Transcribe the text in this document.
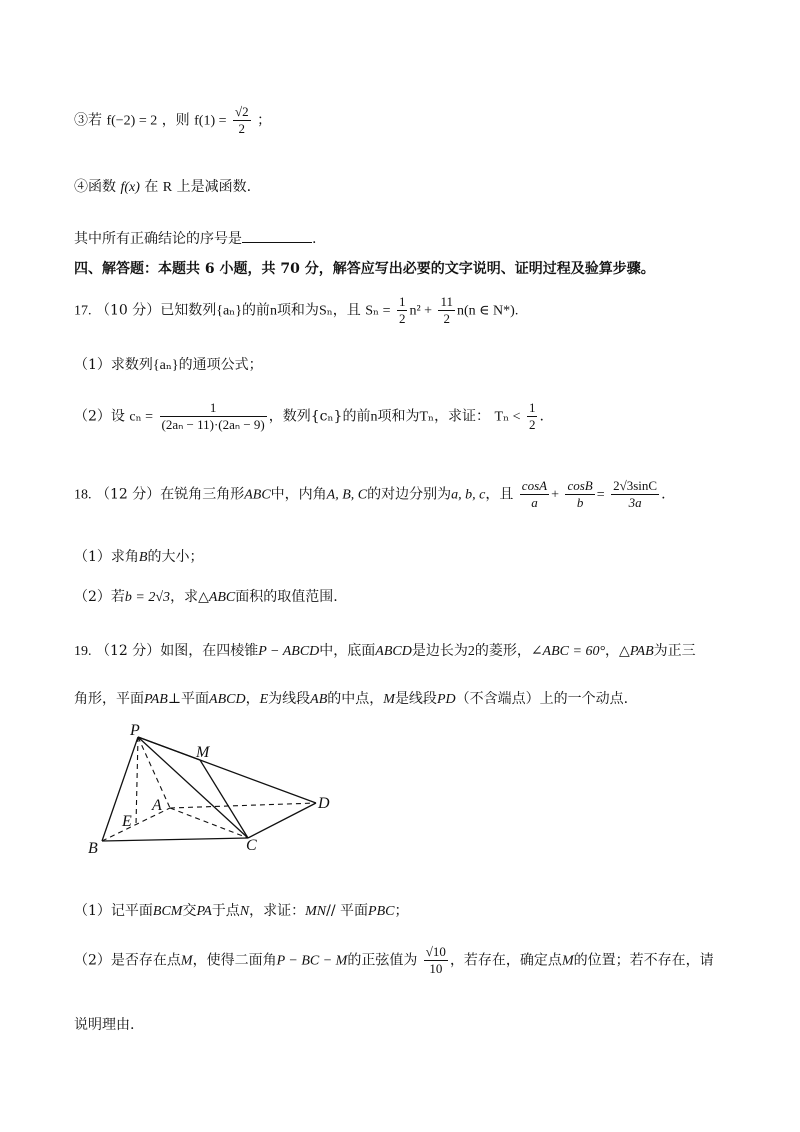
③若 f(−2) = 2 ，则 $f(1) = \frac{√2}{2}$ ；
④函数 f(x) 在 R 上是减函数.
其中所有正确结论的序号是	.
四、解答题：本题共 6 小题，共 70 分，解答应写出必要的文字说明、证明过程及验算步骤。
17. （10 分）已知数列{aₙ}的前n项和为Sₙ，且 $S_n = \frac{1}{2} n^2 + \frac{11}{2} n(n$ ∈ N*).
（1）求数列{aₙ}的通项公式；
（2）设 $c_n = \frac{1}{\text{(2aₙ − 11)·(2aₙ − 9)}}$ ，数列{cₙ}的前n项和为Tₙ，求证： $T_n < \frac{1}{2}$ .
18. （12 分）在锐角三角形ABC中，内角A, B, C的对边分别为a, b, c，且 $\frac{\cos A}{a} + \frac{\cos B}{b} = \frac{2√3\sin C}{3a}$ .
（1）求角B的大小；
（2）若b = 2√3，求△ABC面积的取值范围.
19. （12 分）如图，在四棱锥P − ABCD中，底面ABCD是边长为2的菱形，∠ABC = 60°，△PAB为正三
角形，平面PAB⊥平面ABCD，E为线段AB的中点，M是线段PD（不含端点）上的一个动点.
P
M
A
E
B	C
D
（1）记平面BCM交PA于点N，求证：MN// 平面PBC；
（2）是否存在点M，使得二面角P − BC − M的正弦值为 $\frac{√10}{10}$ ，若存在，确定点M的位置；若不存在，请
说明理由.
